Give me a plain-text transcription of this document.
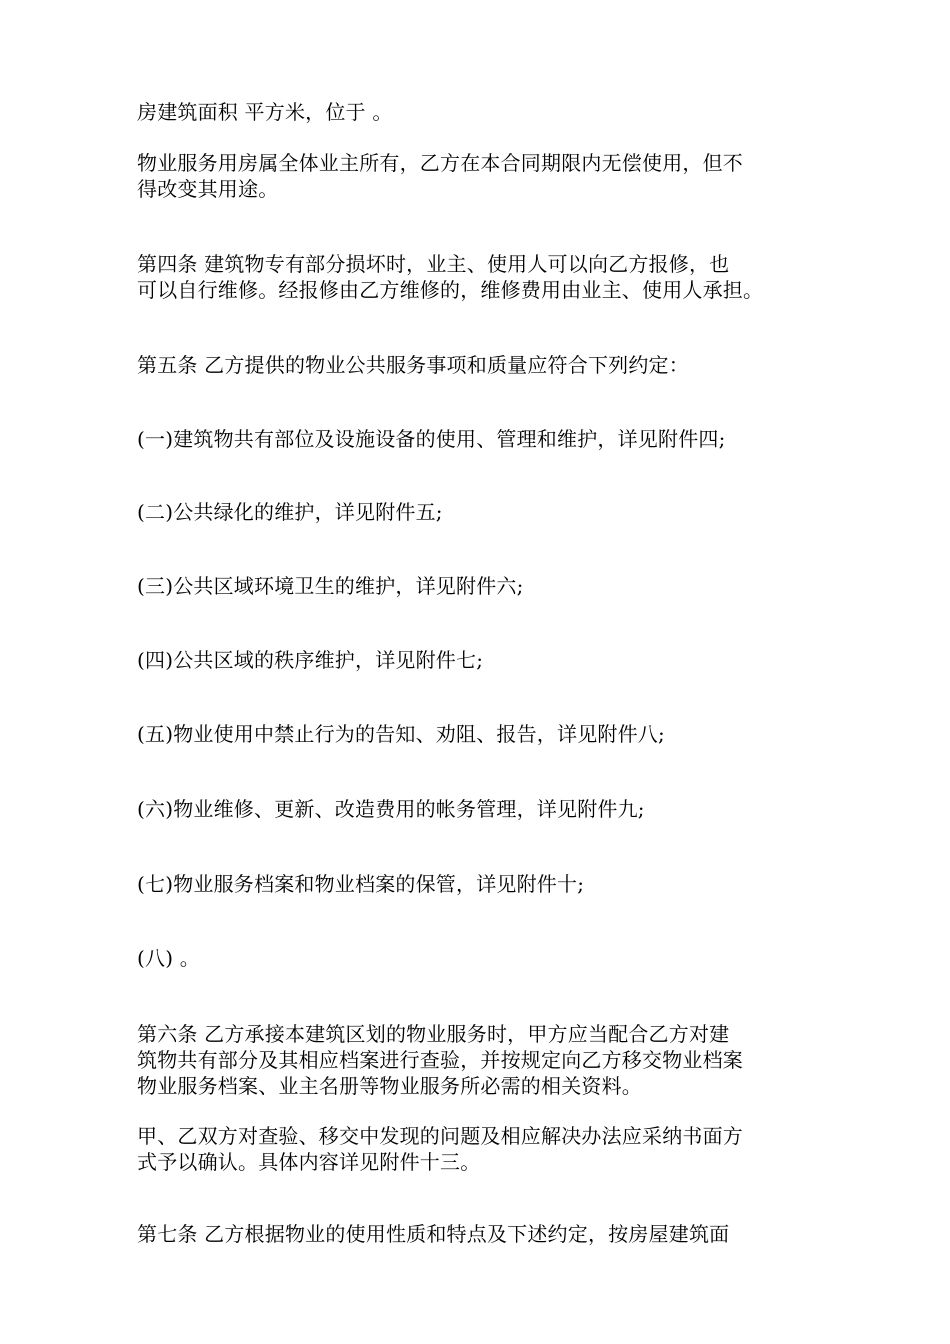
房建筑面积 平方米，位于 。
物业服务用房属全体业主所有，乙方在本合同期限内无偿使用，但不
得改变其用途。
第四条 建筑物专有部分损坏时，业主、使用人可以向乙方报修，也
可以自行维修。经报修由乙方维修的，维修费用由业主、使用人承担。
第五条 乙方提供的物业公共服务事项和质量应符合下列约定：
(一)建筑物共有部位及设施设备的使用、管理和维护，详见附件四;
(二)公共绿化的维护，详见附件五;
(三)公共区域环境卫生的维护，详见附件六;
(四)公共区域的秩序维护，详见附件七;
(五)物业使用中禁止行为的告知、劝阻、报告，详见附件八;
(六)物业维修、更新、改造费用的帐务管理，详见附件九;
(七)物业服务档案和物业档案的保管，详见附件十;
(八) 。
第六条 乙方承接本建筑区划的物业服务时，甲方应当配合乙方对建
筑物共有部分及其相应档案进行查验，并按规定向乙方移交物业档案
物业服务档案、业主名册等物业服务所必需的相关资料。
甲、乙双方对查验、移交中发现的问题及相应解决办法应采纳书面方
式予以确认。具体内容详见附件十三。
第七条 乙方根据物业的使用性质和特点及下述约定，按房屋建筑面
